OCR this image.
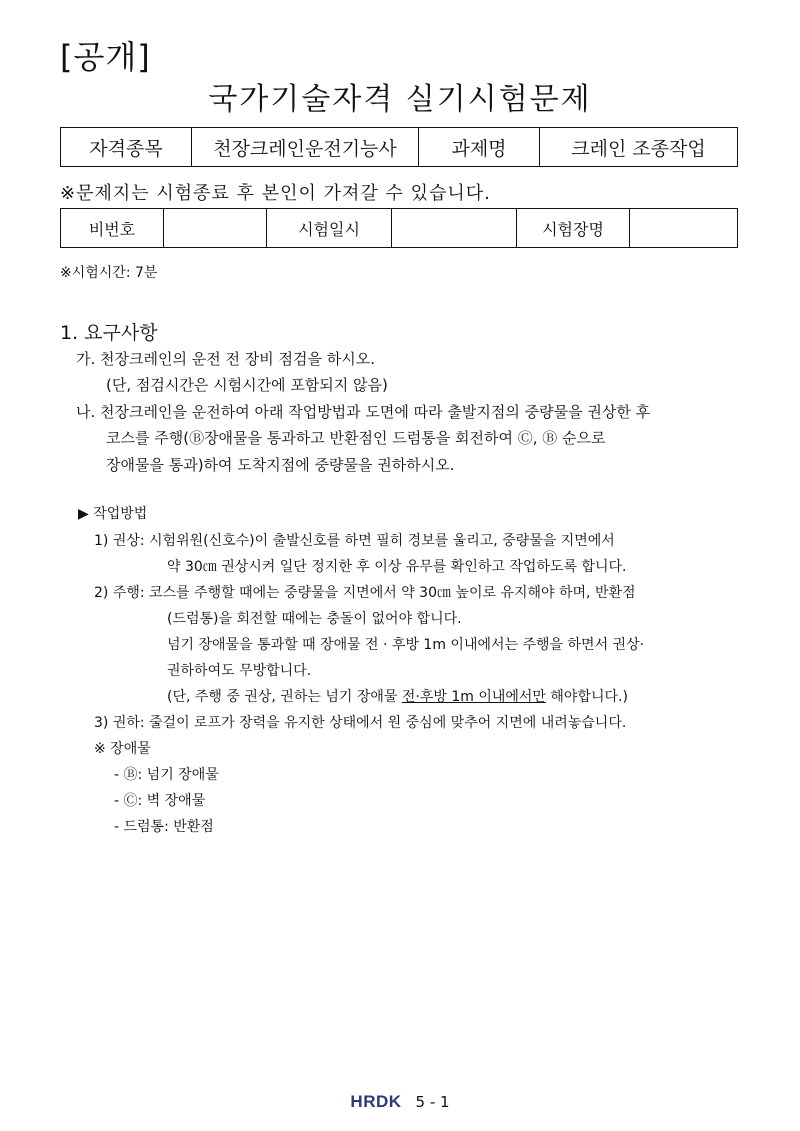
[공개]
국가기술자격 실기시험문제
자격종목	천장크레인운전기능사	과제명	크레인 조종작업
※문제지는 시험종료 후 본인이 가져갈 수 있습니다.
비번호		시험일시		시험장명	
※시험시간: 7분
1. 요구사항
가. 천장크레인의 운전 전 장비 점검을 하시오.
(단, 점검시간은 시험시간에 포함되지 않음)
나. 천장크레인을 운전하여 아래 작업방법과 도면에 따라 출발지점의 중량물을 권상한 후
코스를 주행(Ⓑ장애물을 통과하고 반환점인 드럼통을 회전하여 Ⓒ, Ⓑ 순으로
장애물을 통과)하여 도착지점에 중량물을 권하하시오.
▶ 작업방법
1) 권상: 시험위원(신호수)이 출발신호를 하면 필히 경보를 울리고, 중량물을 지면에서
약 30㎝ 권상시켜 일단 정지한 후 이상 유무를 확인하고 작업하도록 합니다.
2) 주행: 코스를 주행할 때에는 중량물을 지면에서 약 30㎝ 높이로 유지해야 하며, 반환점
(드럼통)을 회전할 때에는 충돌이 없어야 합니다.
넘기 장애물을 통과할 때 장애물 전 · 후방 1m 이내에서는 주행을 하면서 권상·
권하하여도 무방합니다.
(단, 주행 중 권상, 권하는 넘기 장애물 전·후방 1m 이내에서만 해야합니다.)
3) 권하: 줄걸이 로프가 장력을 유지한 상태에서 원 중심에 맞추어 지면에 내려놓습니다.
※ 장애물
- Ⓑ: 넘기 장애물
- Ⓒ: 벽 장애물
- 드럼통: 반환점
HRDK 5 - 1
